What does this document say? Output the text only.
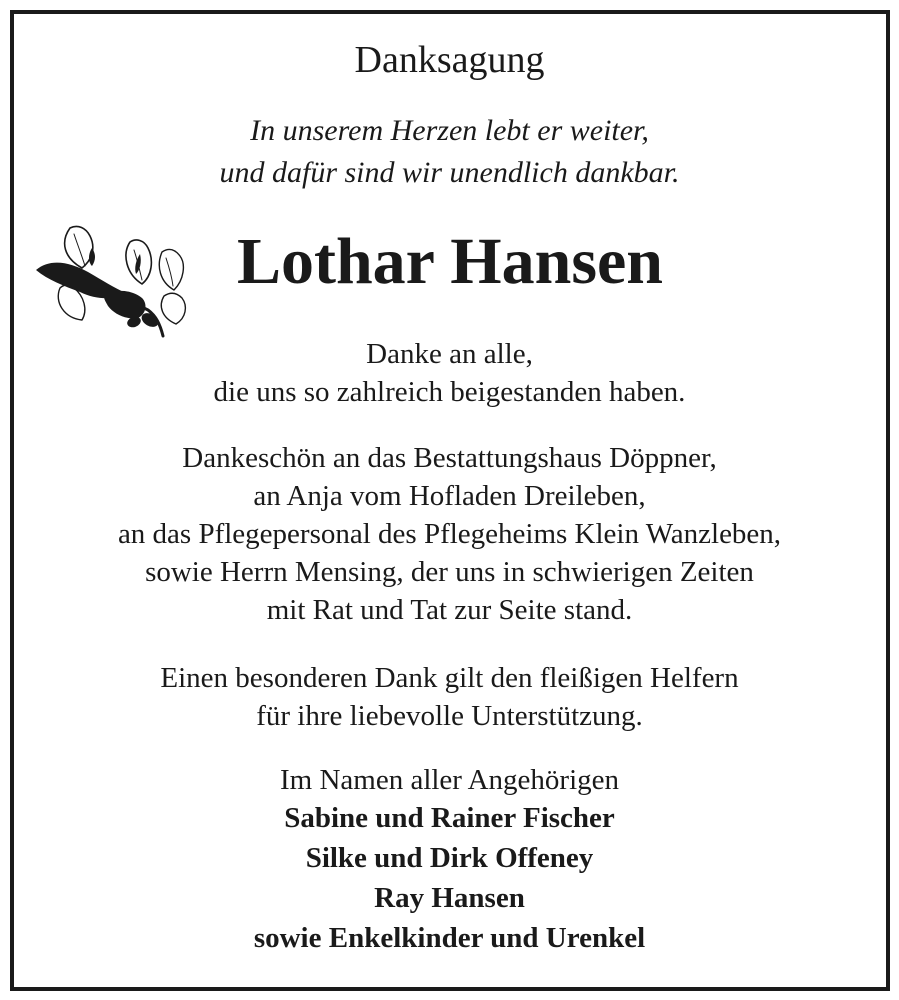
Danksagung
In unserem Herzen lebt er weiter,
und dafür sind wir unendlich dankbar.
Lothar Hansen
Danke an alle,
die uns so zahlreich beigestanden haben.
Dankeschön an das Bestattungshaus Döppner,
an Anja vom Hofladen Dreileben,
an das Pflegepersonal des Pflegeheims Klein Wanzleben,
sowie Herrn Mensing, der uns in schwierigen Zeiten
mit Rat und Tat zur Seite stand.
Einen besonderen Dank gilt den fleißigen Helfern
für ihre liebevolle Unterstützung.
Im Namen aller Angehörigen
Sabine und Rainer Fischer
Silke und Dirk Offeney
Ray Hansen
sowie Enkelkinder und Urenkel
